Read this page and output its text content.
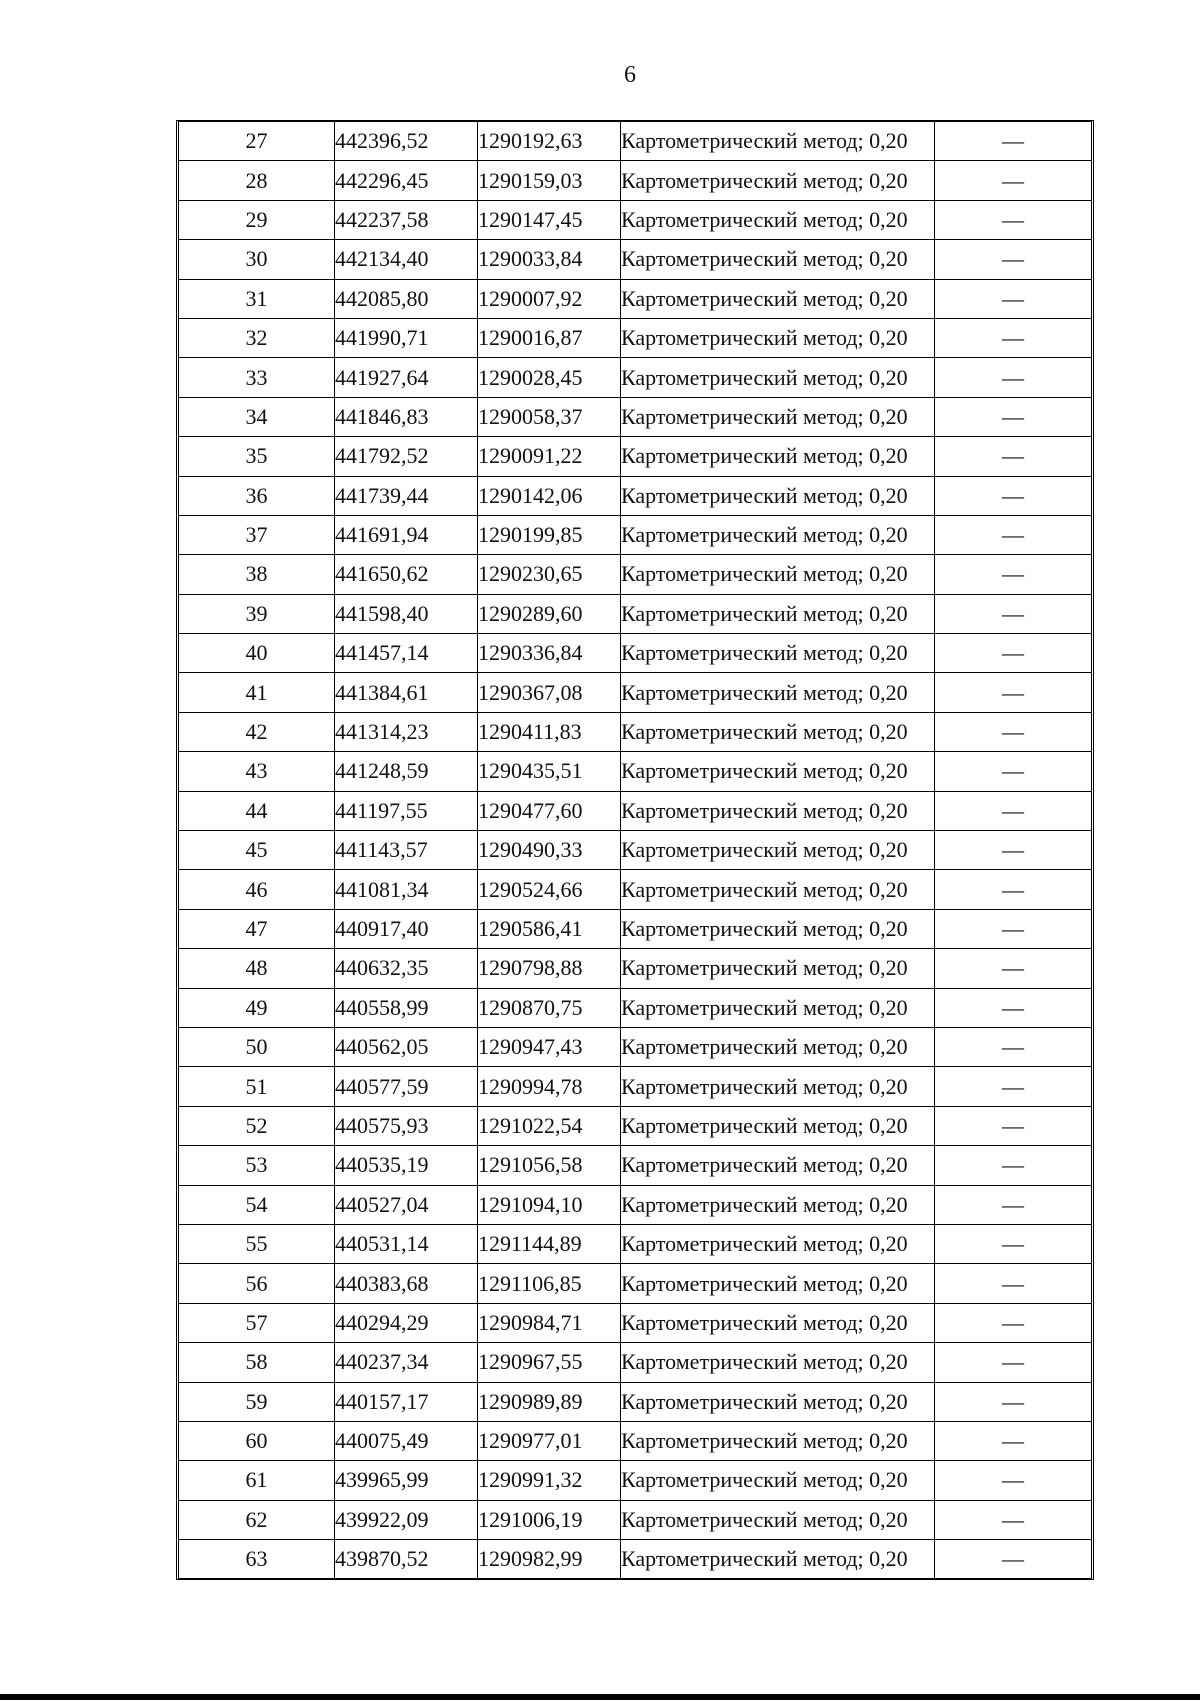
6
27	442396,52	1290192,63	Картометрический метод; 0,20	—
28	442296,45	1290159,03	Картометрический метод; 0,20	—
29	442237,58	1290147,45	Картометрический метод; 0,20	—
30	442134,40	1290033,84	Картометрический метод; 0,20	—
31	442085,80	1290007,92	Картометрический метод; 0,20	—
32	441990,71	1290016,87	Картометрический метод; 0,20	—
33	441927,64	1290028,45	Картометрический метод; 0,20	—
34	441846,83	1290058,37	Картометрический метод; 0,20	—
35	441792,52	1290091,22	Картометрический метод; 0,20	—
36	441739,44	1290142,06	Картометрический метод; 0,20	—
37	441691,94	1290199,85	Картометрический метод; 0,20	—
38	441650,62	1290230,65	Картометрический метод; 0,20	—
39	441598,40	1290289,60	Картометрический метод; 0,20	—
40	441457,14	1290336,84	Картометрический метод; 0,20	—
41	441384,61	1290367,08	Картометрический метод; 0,20	—
42	441314,23	1290411,83	Картометрический метод; 0,20	—
43	441248,59	1290435,51	Картометрический метод; 0,20	—
44	441197,55	1290477,60	Картометрический метод; 0,20	—
45	441143,57	1290490,33	Картометрический метод; 0,20	—
46	441081,34	1290524,66	Картометрический метод; 0,20	—
47	440917,40	1290586,41	Картометрический метод; 0,20	—
48	440632,35	1290798,88	Картометрический метод; 0,20	—
49	440558,99	1290870,75	Картометрический метод; 0,20	—
50	440562,05	1290947,43	Картометрический метод; 0,20	—
51	440577,59	1290994,78	Картометрический метод; 0,20	—
52	440575,93	1291022,54	Картометрический метод; 0,20	—
53	440535,19	1291056,58	Картометрический метод; 0,20	—
54	440527,04	1291094,10	Картометрический метод; 0,20	—
55	440531,14	1291144,89	Картометрический метод; 0,20	—
56	440383,68	1291106,85	Картометрический метод; 0,20	—
57	440294,29	1290984,71	Картометрический метод; 0,20	—
58	440237,34	1290967,55	Картометрический метод; 0,20	—
59	440157,17	1290989,89	Картометрический метод; 0,20	—
60	440075,49	1290977,01	Картометрический метод; 0,20	—
61	439965,99	1290991,32	Картометрический метод; 0,20	—
62	439922,09	1291006,19	Картометрический метод; 0,20	—
63	439870,52	1290982,99	Картометрический метод; 0,20	—
